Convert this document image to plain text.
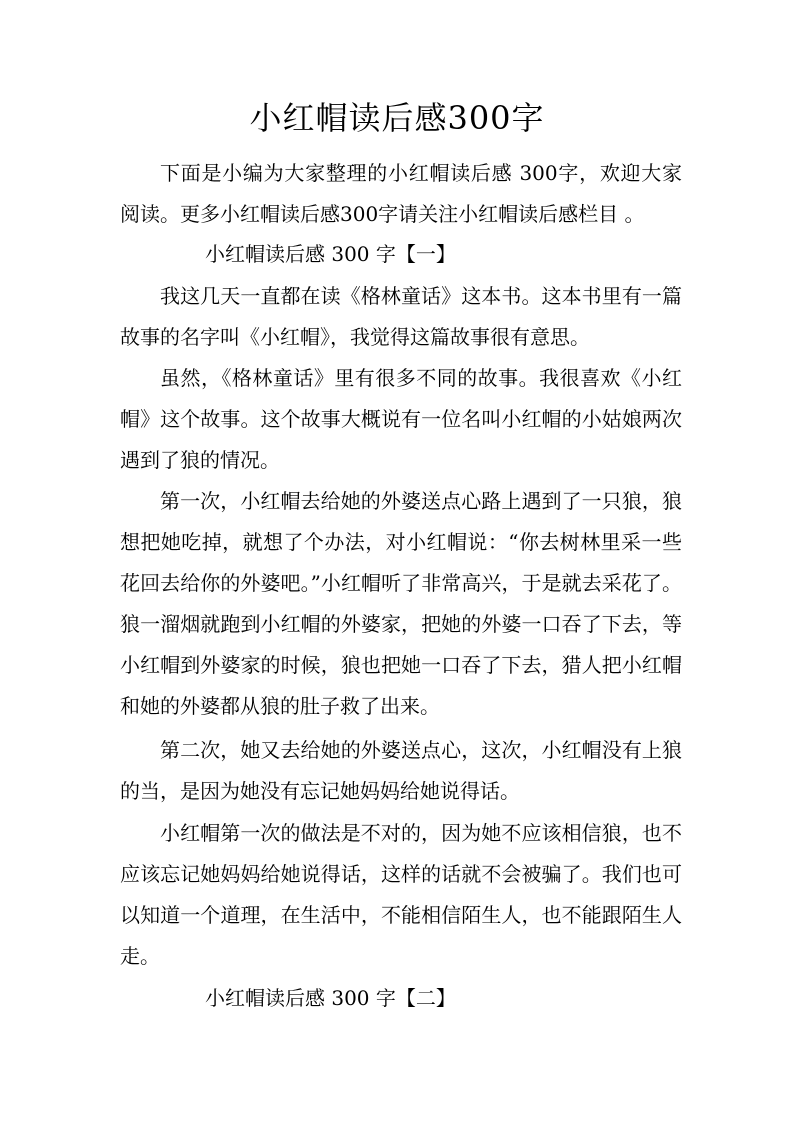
小红帽读后感300字

下面是小编为大家整理的小红帽读后感 300字，欢迎大家阅读。更多小红帽读后感300字请关注小红帽读后感栏目 。

小红帽读后感 300 字【一】

我这几天一直都在读《格林童话》这本书。这本书里有一篇故事的名字叫《小红帽》，我觉得这篇故事很有意思。

虽然，《格林童话》里有很多不同的故事。我很喜欢《小红帽》这个故事。这个故事大概说有一位名叫小红帽的小姑娘两次遇到了狼的情况。

第一次，小红帽去给她的外婆送点心路上遇到了一只狼，狼想把她吃掉，就想了个办法，对小红帽说：“你去树林里采一些花回去给你的外婆吧。”小红帽听了非常高兴，于是就去采花了。狼一溜烟就跑到小红帽的外婆家，把她的外婆一口吞了下去，等小红帽到外婆家的时候，狼也把她一口吞了下去，猎人把小红帽和她的外婆都从狼的肚子救了出来。

第二次，她又去给她的外婆送点心，这次，小红帽没有上狼的当，是因为她没有忘记她妈妈给她说得话。

小红帽第一次的做法是不对的，因为她不应该相信狼，也不应该忘记她妈妈给她说得话，这样的话就不会被骗了。我们也可以知道一个道理，在生活中，不能相信陌生人，也不能跟陌生人走。

小红帽读后感 300 字【二】
